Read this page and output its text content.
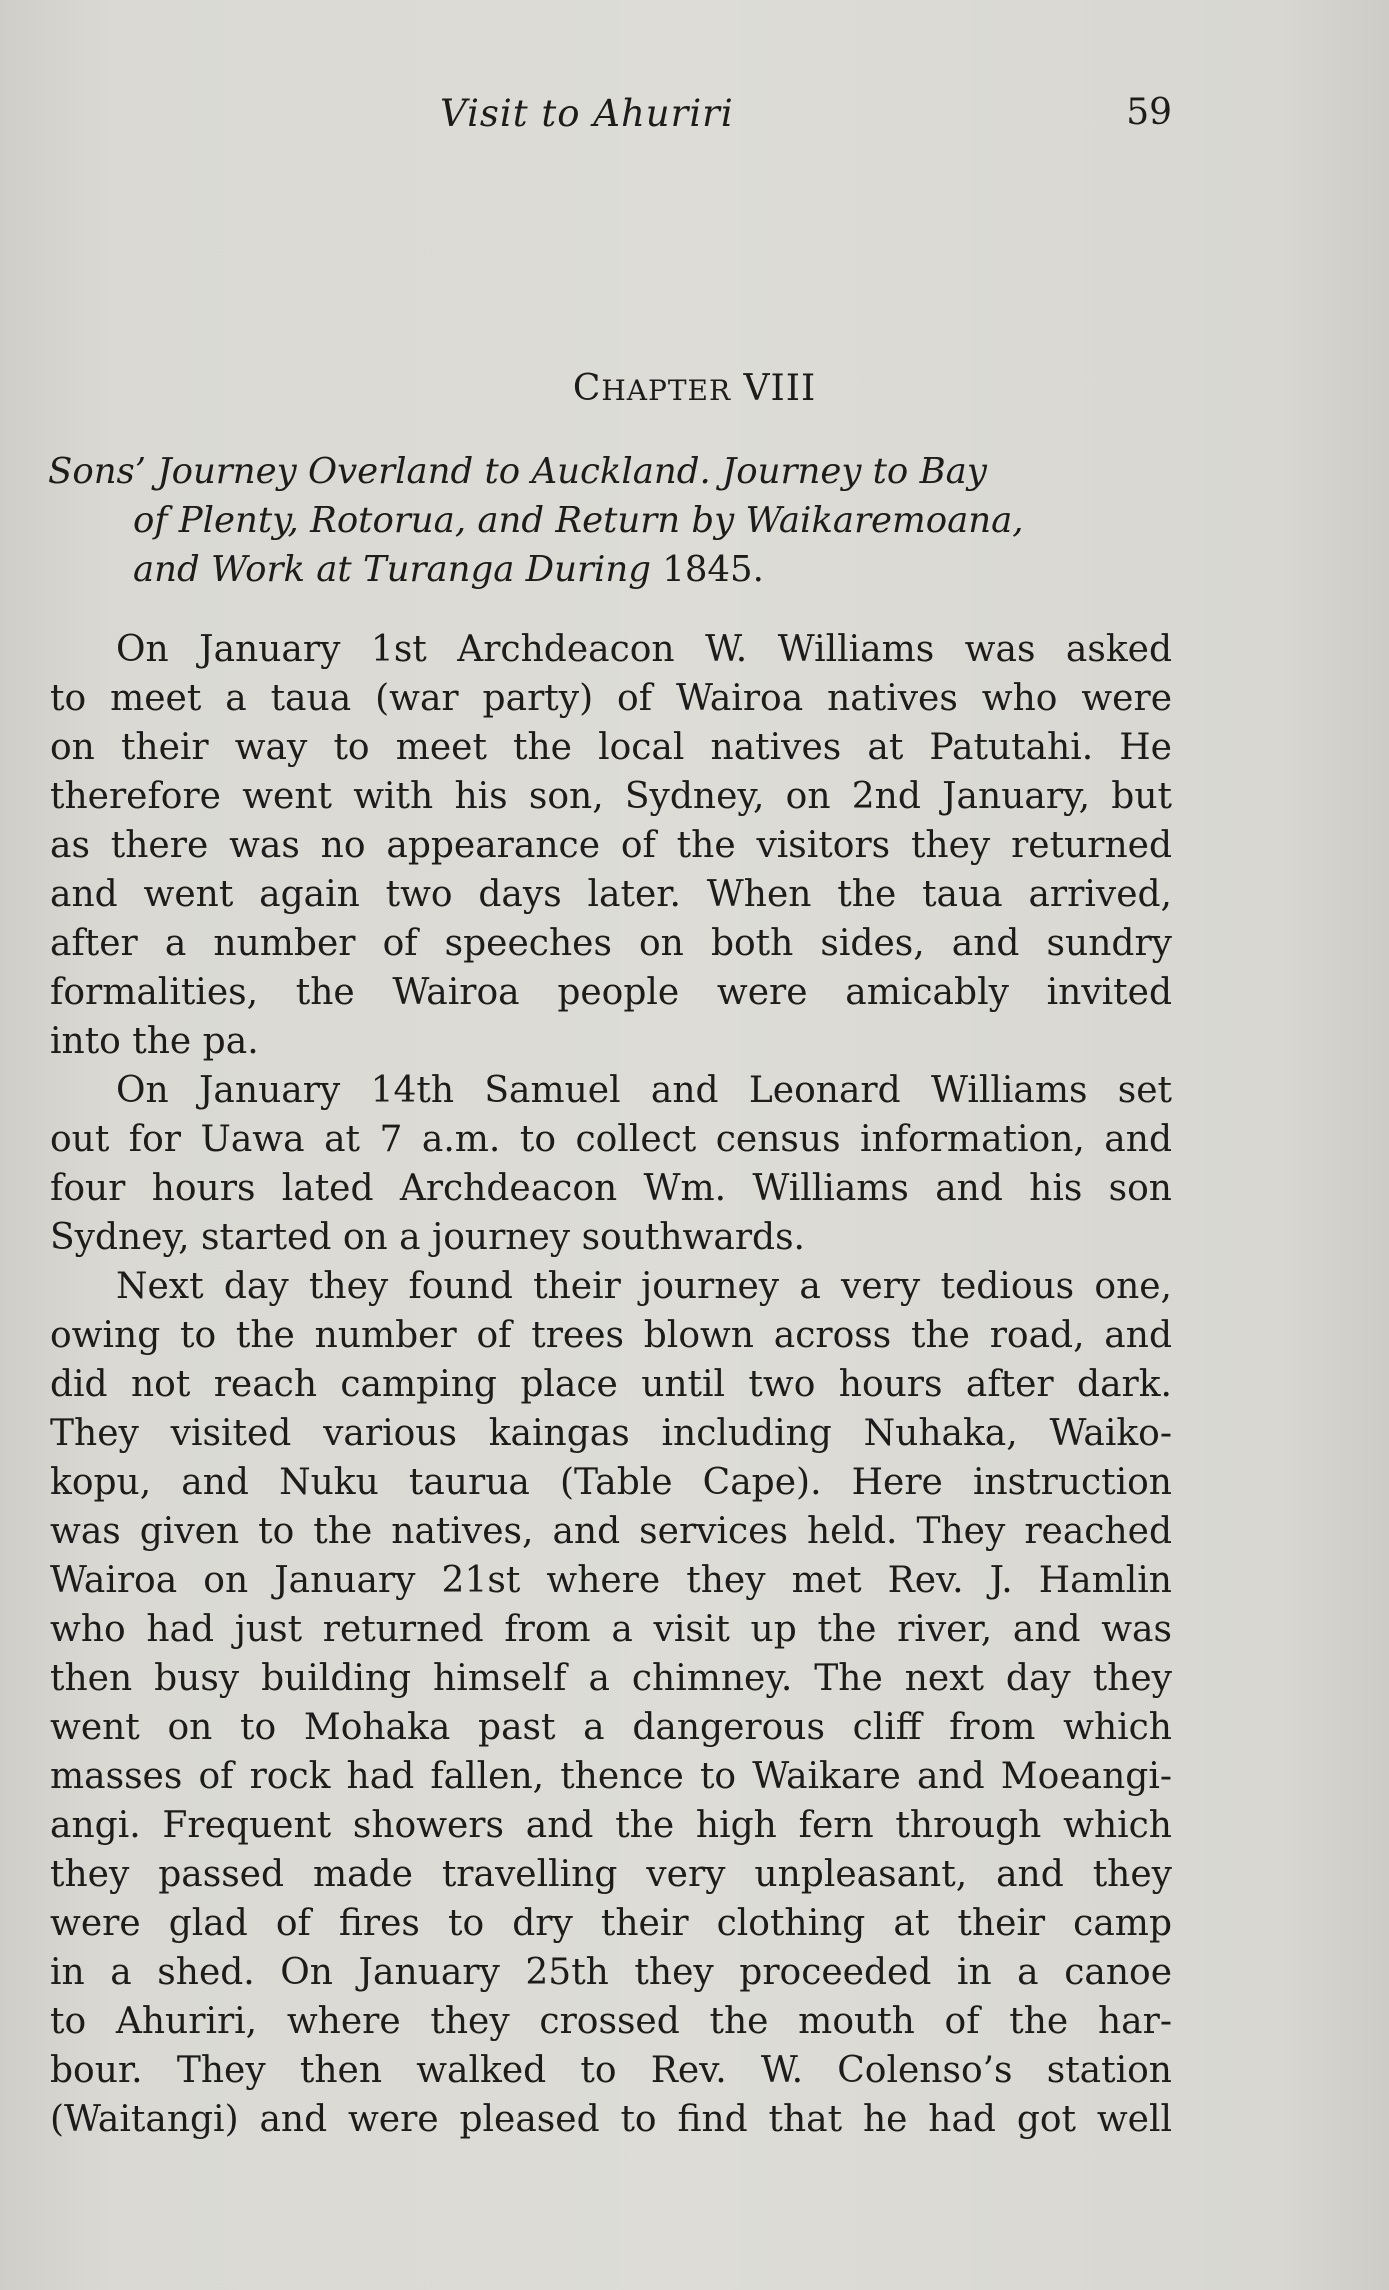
Visit to Ahuriri	59
CHAPTER VIII
Sons’ Journey Overland to Auckland. Journey to Bay
of Plenty, Rotorua, and Return by Waikaremoana,
and Work at Turanga During 1845.
On January 1st Archdeacon W. Williams was asked
to meet a taua (war party) of Wairoa natives who were
on their way to meet the local natives at Patutahi. He
therefore went with his son, Sydney, on 2nd January, but
as there was no appearance of the visitors they returned
and went again two days later. When the taua arrived,
after a number of speeches on both sides, and sundry
formalities, the Wairoa people were amicably invited
into the pa.
On January 14th Samuel and Leonard Williams set
out for Uawa at 7 a.m. to collect census information, and
four hours lated Archdeacon Wm. Williams and his son
Sydney, started on a journey southwards.
Next day they found their journey a very tedious one,
owing to the number of trees blown across the road, and
did not reach camping place until two hours after dark.
They visited various kaingas including Nuhaka, Waiko-
kopu, and Nuku taurua (Table Cape). Here instruction
was given to the natives, and services held. They reached
Wairoa on January 21st where they met Rev. J. Hamlin
who had just returned from a visit up the river, and was
then busy building himself a chimney. The next day they
went on to Mohaka past a dangerous cliff from which
masses of rock had fallen, thence to Waikare and Moeangi-
angi. Frequent showers and the high fern through which
they passed made travelling very unpleasant, and they
were glad of fires to dry their clothing at their camp
in a shed. On January 25th they proceeded in a canoe
to Ahuriri, where they crossed the mouth of the har-
bour. They then walked to Rev. W. Colenso’s station
(Waitangi) and were pleased to find that he had got well
